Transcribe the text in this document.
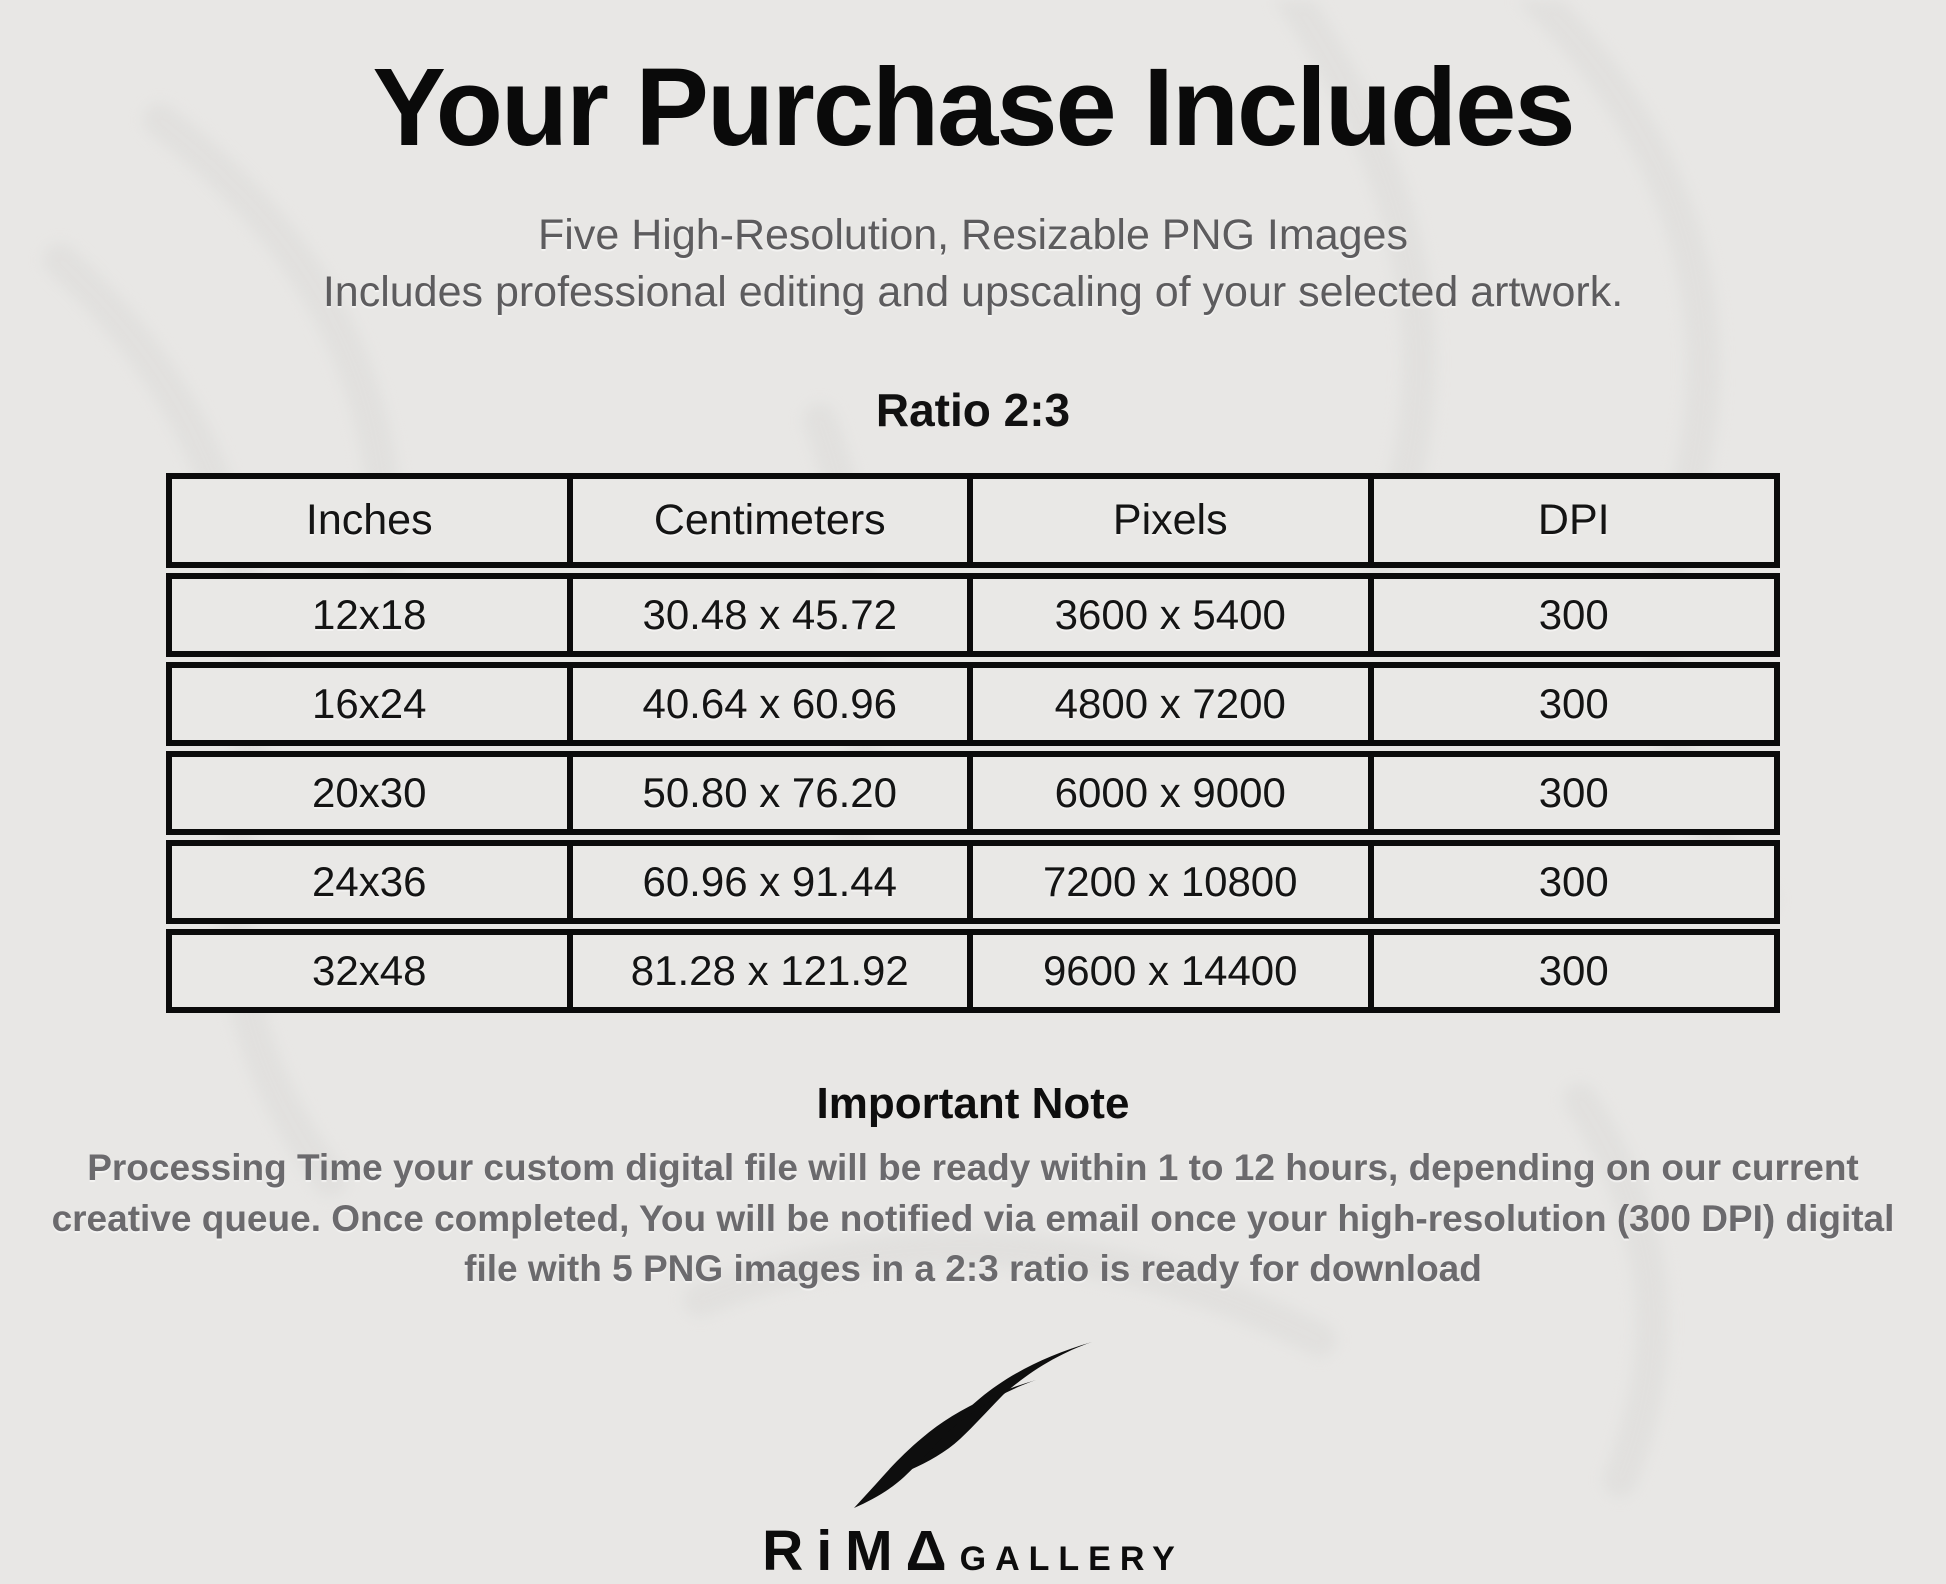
Your Purchase Includes
Five High-Resolution, Resizable PNG Images
Includes professional editing and upscaling of your selected artwork.
Ratio 2:3
Inches	Centimeters	Pixels	DPI
12x18	30.48 x 45.72	3600 x 5400	300
16x24	40.64 x 60.96	4800 x 7200	300
20x30	50.80 x 76.20	6000 x 9000	300
24x36	60.96 x 91.44	7200 x 10800	300
32x48	81.28 x 121.92	9600 x 14400	300
Important Note

Processing Time your custom digital file will be ready within 1 to 12 hours, depending on our current creative queue. Once completed, You will be notified via email once your high-resolution (300 DPI) digital file with 5 PNG images in a 2:3 ratio is ready for download

RiMΔ GALLERY
